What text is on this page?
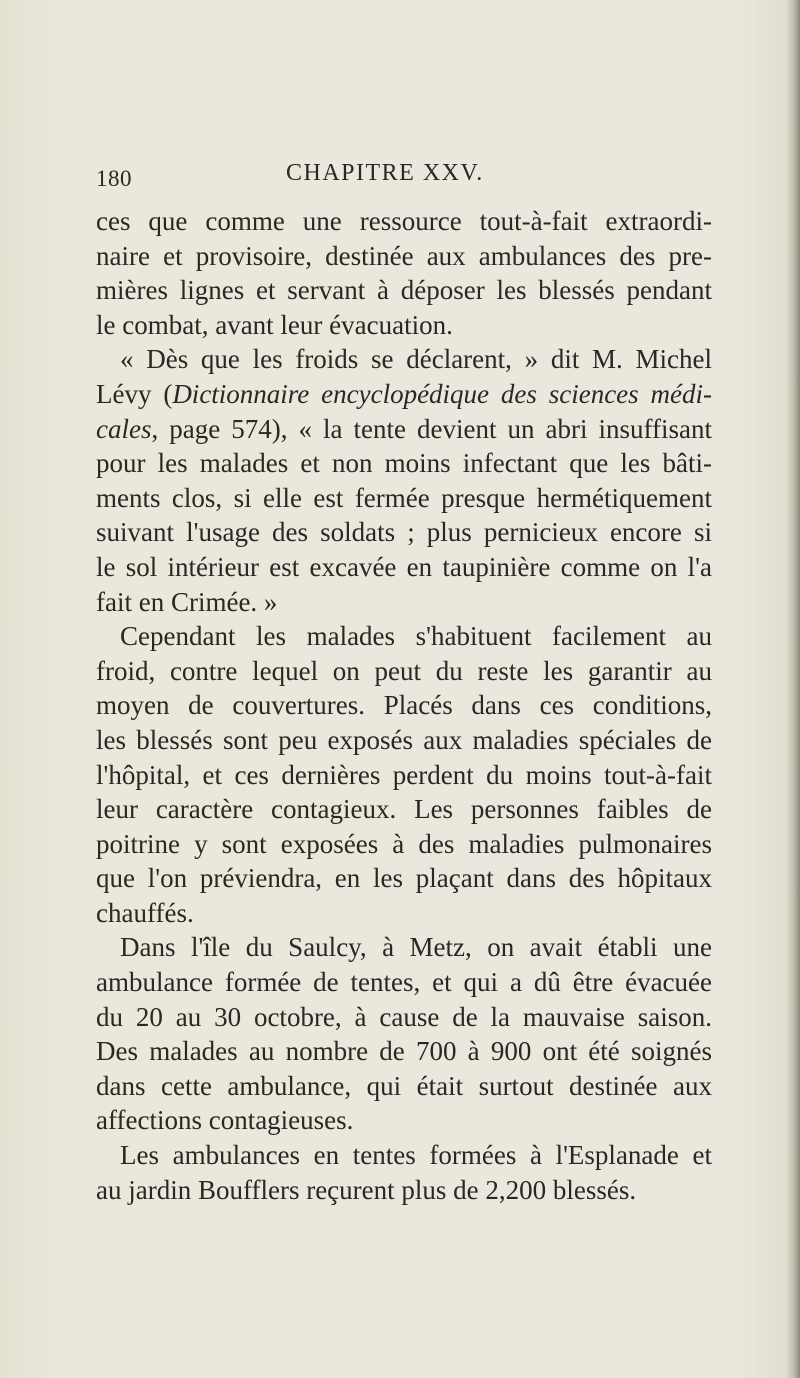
180	CHAPITRE XXV.
ces que comme une ressource tout-à-fait extraordi-
naire et provisoire, destinée aux ambulances des pre-
mières lignes et servant à déposer les blessés pendant
le combat, avant leur évacuation.
« Dès que les froids se déclarent, » dit M. Michel
Lévy (Dictionnaire encyclopédique des sciences médi-
cales, page 574), « la tente devient un abri insuffisant
pour les malades et non moins infectant que les bâti-
ments clos, si elle est fermée presque hermétiquement
suivant l'usage des soldats ; plus pernicieux encore si
le sol intérieur est excavée en taupinière comme on l'a
fait en Crimée. »
Cependant les malades s'habituent facilement au
froid, contre lequel on peut du reste les garantir au
moyen de couvertures. Placés dans ces conditions,
les blessés sont peu exposés aux maladies spéciales de
l'hôpital, et ces dernières perdent du moins tout-à-fait
leur caractère contagieux. Les personnes faibles de
poitrine y sont exposées à des maladies pulmonaires
que l'on préviendra, en les plaçant dans des hôpitaux
chauffés.
Dans l'île du Saulcy, à Metz, on avait établi une
ambulance formée de tentes, et qui a dû être évacuée
du 20 au 30 octobre, à cause de la mauvaise saison.
Des malades au nombre de 700 à 900 ont été soignés
dans cette ambulance, qui était surtout destinée aux
affections contagieuses.
Les ambulances en tentes formées à l'Esplanade et
au jardin Boufflers reçurent plus de 2,200 blessés.
